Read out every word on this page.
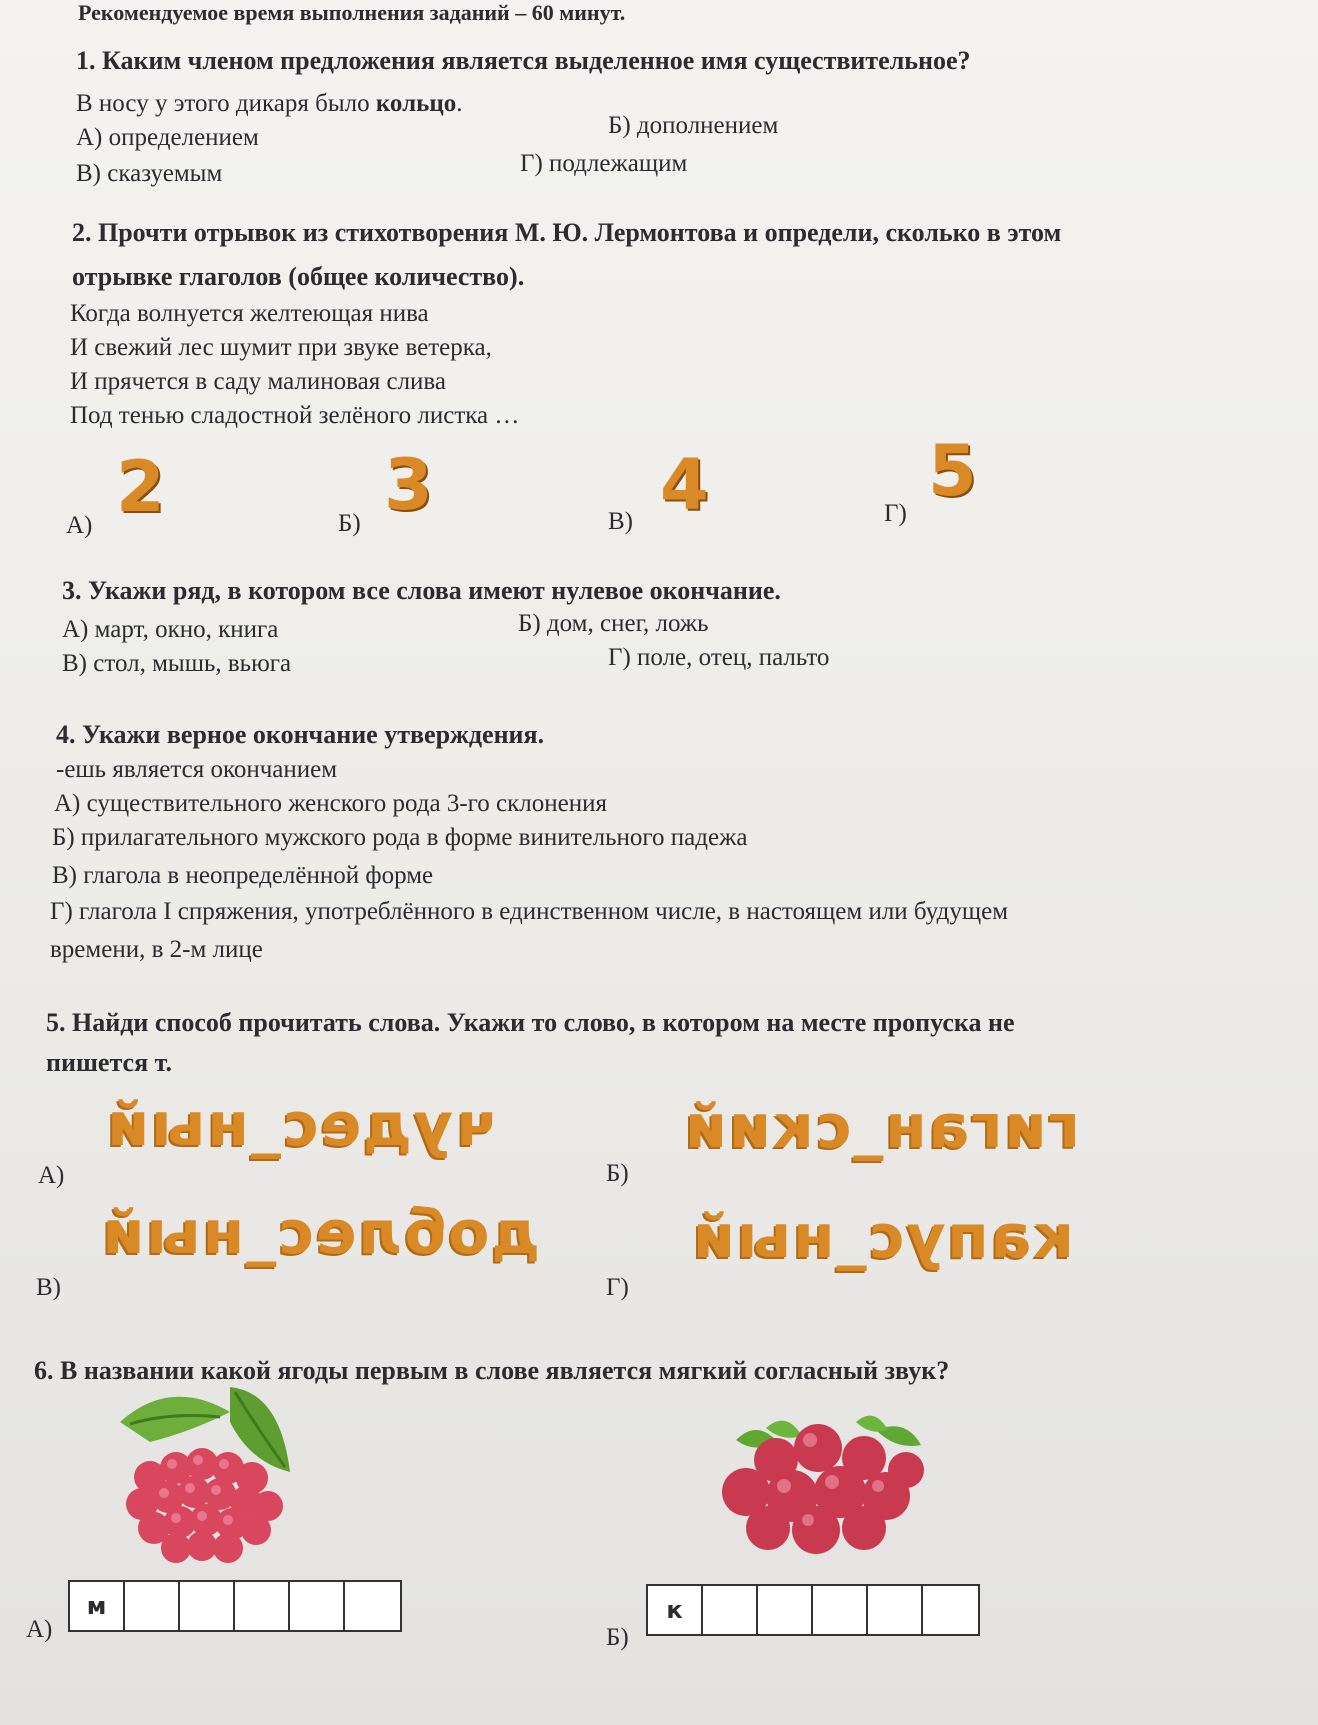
Рекомендуемое время выполнения заданий – 60 минут.
1. Каким членом предложения является выделенное имя существительное?
В носу у этого дикаря было кольцо.
А) определением	Б) дополнением
В) сказуемым	Г) подлежащим
2. Прочти отрывок из стихотворения М. Ю. Лермонтова и определи, сколько в этом
отрывке глаголов (общее количество).
Когда волнуется желтеющая нива
И свежий лес шумит при звуке ветерка,
И прячется в саду малиновая слива
Под тенью сладостной зелёного листка …
А) 2	Б) 3	В) 4	Г)
5
3. Укажи ряд, в котором все слова имеют нулевое окончание.
А) март, окно, книга	Б) дом, снег, ложь
В) стол, мышь, вьюга	Г) поле, отец, пальто
4. Укажи верное окончание утверждения.
-ешь является окончанием
А) существительного женского рода 3-го склонения
Б) прилагательного мужского рода в форме винительного падежа
В) глагола в неопределённой форме
Г) глагола I спряжения, употреблённого в единственном числе, в настоящем или будущем
времени, в 2-м лице
5. Найди способ прочитать слова. Укажи то слово, в котором на месте пропуска не
пишется т.
А)
чудес_ный
Б)
гиган_ский
В)
доблес_ный
Г)
капус_ный
6. В названии какой ягоды первым в слове является мягкий согласный звук?
А)
м
Б)
к
